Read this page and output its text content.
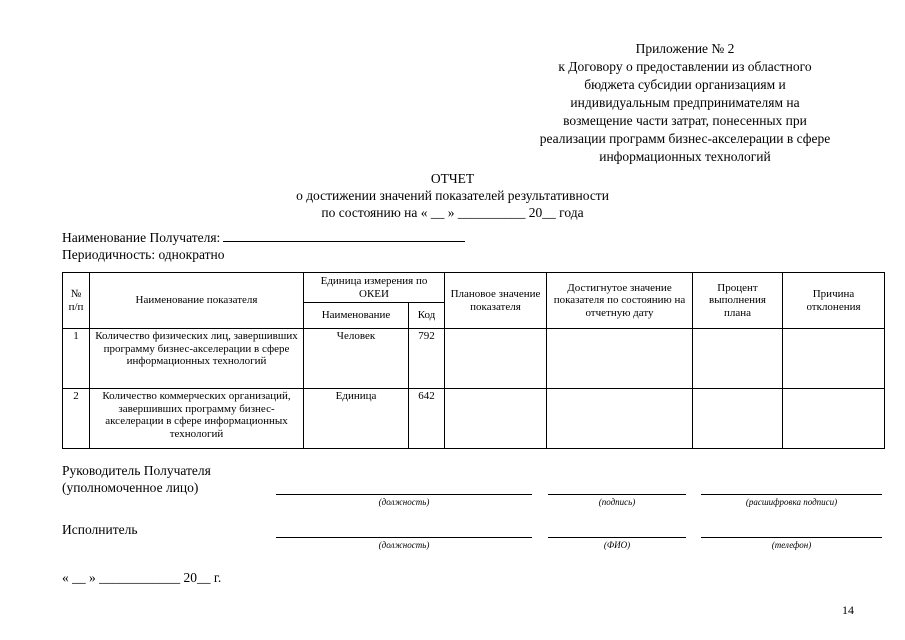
Приложение № 2
к Договору о предоставлении из областного
бюджета субсидии организациям и
индивидуальным предпринимателям на
возмещение части затрат, понесенных при
реализации программ бизнес-акселерации в сфере
информационных технологий
ОТЧЕТ
о достижении значений показателей результативности
по состоянию на « __ » __________ 20__ года
Наименование Получателя:
Периодичность: однократно
№ п/п	Наименование показателя	Единица измерения по ОКЕИ		Плановое значение показателя	Достигнутое значение показателя по состоянию на отчетную дату	Процент выполнения плана	Причина отклонения
		Наименование	Код				
1	Количество физических лиц, завершивших программу бизнес-акселерации в сфере информационных технологий	Человек	792				
2	Количество коммерческих организаций, завершивших программу бизнес-акселерации в сфере информационных технологий	Единица	642				
Руководитель Получателя
(уполномоченное лицо)
(должность)	(подпись)	(расшифровка подписи)
Исполнитель
(должность)	(ФИО)	(телефон)
« __ » ____________ 20__ г.
14
